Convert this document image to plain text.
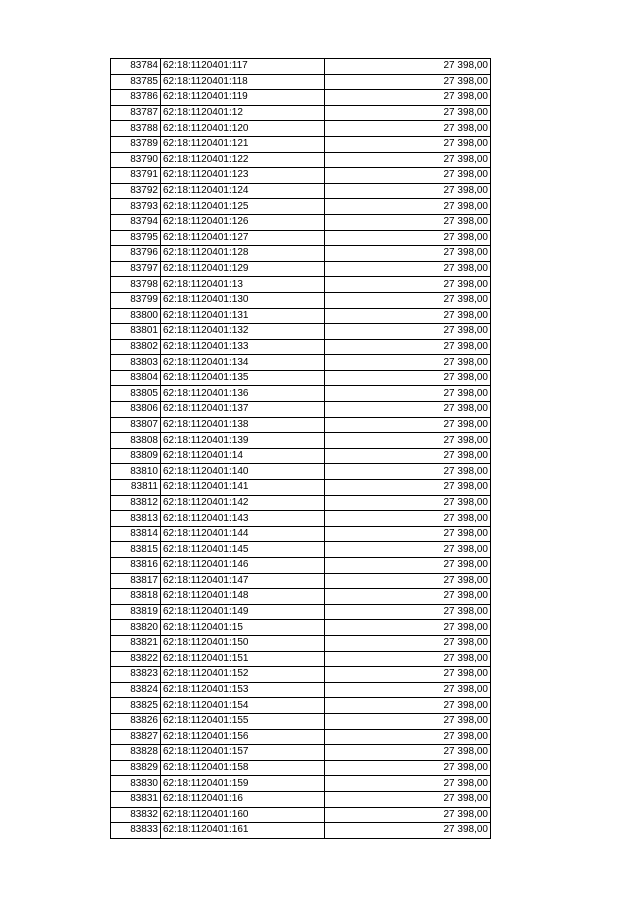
83784	62:18:1120401:117	27 398,00
83785	62:18:1120401:118	27 398,00
83786	62:18:1120401:119	27 398,00
83787	62:18:1120401:12	27 398,00
83788	62:18:1120401:120	27 398,00
83789	62:18:1120401:121	27 398,00
83790	62:18:1120401:122	27 398,00
83791	62:18:1120401:123	27 398,00
83792	62:18:1120401:124	27 398,00
83793	62:18:1120401:125	27 398,00
83794	62:18:1120401:126	27 398,00
83795	62:18:1120401:127	27 398,00
83796	62:18:1120401:128	27 398,00
83797	62:18:1120401:129	27 398,00
83798	62:18:1120401:13	27 398,00
83799	62:18:1120401:130	27 398,00
83800	62:18:1120401:131	27 398,00
83801	62:18:1120401:132	27 398,00
83802	62:18:1120401:133	27 398,00
83803	62:18:1120401:134	27 398,00
83804	62:18:1120401:135	27 398,00
83805	62:18:1120401:136	27 398,00
83806	62:18:1120401:137	27 398,00
83807	62:18:1120401:138	27 398,00
83808	62:18:1120401:139	27 398,00
83809	62:18:1120401:14	27 398,00
83810	62:18:1120401:140	27 398,00
83811	62:18:1120401:141	27 398,00
83812	62:18:1120401:142	27 398,00
83813	62:18:1120401:143	27 398,00
83814	62:18:1120401:144	27 398,00
83815	62:18:1120401:145	27 398,00
83816	62:18:1120401:146	27 398,00
83817	62:18:1120401:147	27 398,00
83818	62:18:1120401:148	27 398,00
83819	62:18:1120401:149	27 398,00
83820	62:18:1120401:15	27 398,00
83821	62:18:1120401:150	27 398,00
83822	62:18:1120401:151	27 398,00
83823	62:18:1120401:152	27 398,00
83824	62:18:1120401:153	27 398,00
83825	62:18:1120401:154	27 398,00
83826	62:18:1120401:155	27 398,00
83827	62:18:1120401:156	27 398,00
83828	62:18:1120401:157	27 398,00
83829	62:18:1120401:158	27 398,00
83830	62:18:1120401:159	27 398,00
83831	62:18:1120401:16	27 398,00
83832	62:18:1120401:160	27 398,00
83833	62:18:1120401:161	27 398,00
